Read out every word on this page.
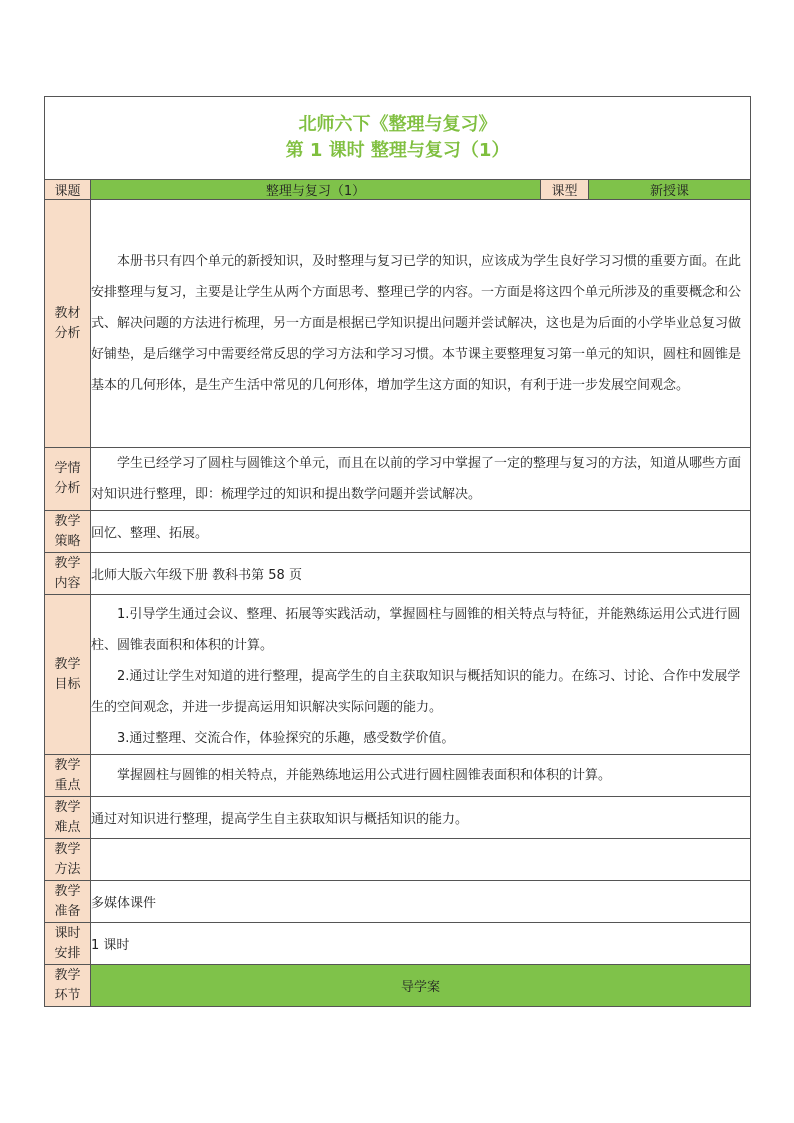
北师六下《整理与复习》
第 1 课时 整理与复习（1）			

课题	整理与复习（1）	课型	新授课
教材分析	本册书只有四个单元的新授知识，及时整理与复习已学的知识，应该成为学生良好学习习惯的重要方面。在此安排整理与复习，主要是让学生从两个方面思考、整理已学的内容。一方面是将这四个单元所涉及的重要概念和公式、解决问题的方法进行梳理，另一方面是根据已学知识提出问题并尝试解决，这也是为后面的小学毕业总复习做好铺垫，是后继学习中需要经常反思的学习方法和学习习惯。本节课主要整理复习第一单元的知识，圆柱和圆锥是基本的几何形体，是生产生活中常见的几何形体，增加学生这方面的知识，有利于进一步发展空间观念。		

学情分析	学生已经学习了圆柱与圆锥这个单元，而且在以前的学习中掌握了一定的整理与复习的方法，知道从哪些方面对知识进行整理，即：梳理学过的知识和提出数学问题并尝试解决。		

教学策略	回忆、整理、拓展。		
教学内容	北师大版六年级下册 教科书第 58 页		
教学目标	1.引导学生通过会议、整理、拓展等实践活动，掌握圆柱与圆锥的相关特点与特征，并能熟练运用公式进行圆柱、圆锥表面积和体积的计算。

2.通过让学生对知道的进行整理，提高学生的自主获取知识与概括知识的能力。在练习、讨论、合作中发展学生的空间观念，并进一步提高运用知识解决实际问题的能力。

3.通过整理、交流合作，体验探究的乐趣，感受数学价值。		

教学重点	掌握圆柱与圆锥的相关特点，并能熟练地运用公式进行圆柱圆锥表面积和体积的计算。		

教学难点	通过对知识进行整理，提高学生自主获取知识与概括知识的能力。		
教学方法			
教学准备	多媒体课件		
课时安排	1 课时		
教学环节	导学案		
